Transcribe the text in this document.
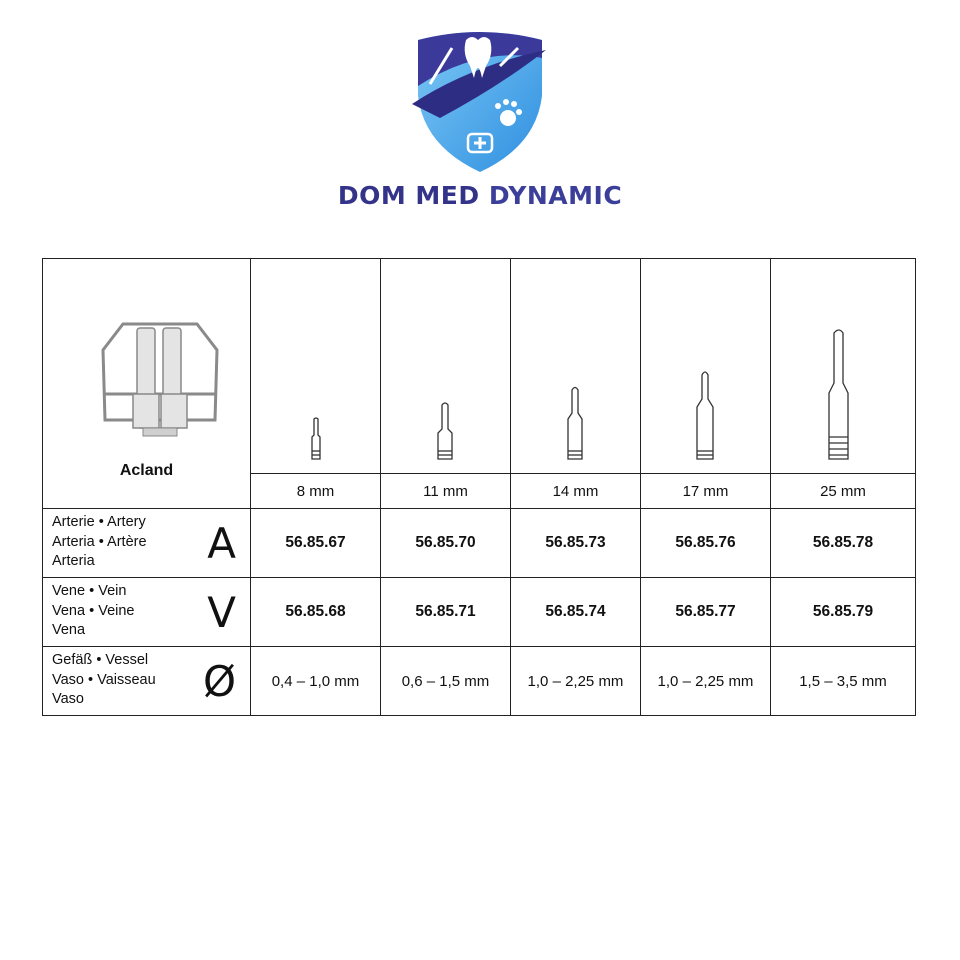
DOM MED DYNAMIC
Acland

	8 mm	11 mm	14 mm	17 mm	25 mm

Arterie • Artery
Arteria • Artère
Arteria A	56.85.67	56.85.70	56.85.73	56.85.76	56.85.78

Vene • Vein
Vena • Veine
Vena V	56.85.68	56.85.71	56.85.74	56.85.77	56.85.79

Gefäß • Vessel
Vaso • Vaisseau
Vaso Ø	0,4 – 1,0 mm	0,6 – 1,5 mm	1,0 – 2,25 mm	1,0 – 2,25 mm	1,5 – 3,5 mm
